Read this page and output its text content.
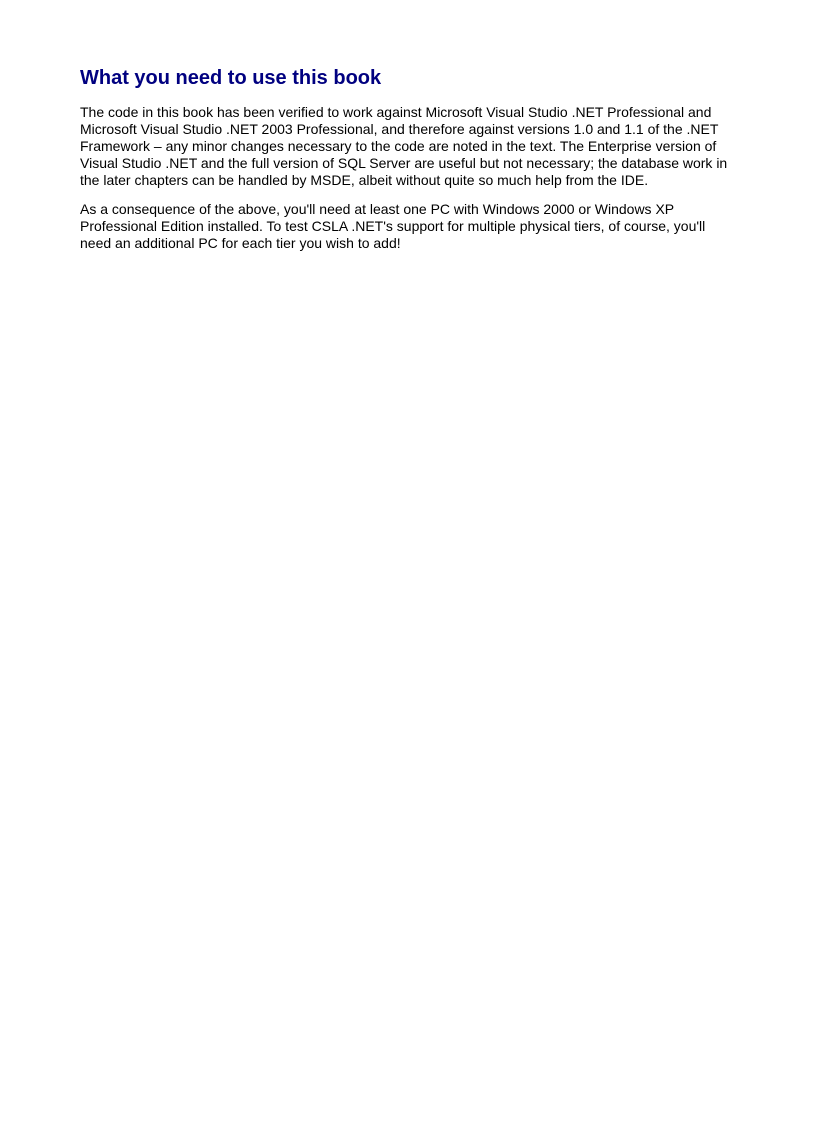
What you need to use this book

The code in this book has been verified to work against Microsoft Visual Studio .NET Professional and Microsoft Visual Studio .NET 2003 Professional, and therefore against versions 1.0 and 1.1 of the .NET Framework – any minor changes necessary to the code are noted in the text. The Enterprise version of Visual Studio .NET and the full version of SQL Server are useful but not necessary; the database work in the later chapters can be handled by MSDE, albeit without quite so much help from the IDE.

As a consequence of the above, you'll need at least one PC with Windows 2000 or Windows XP Professional Edition installed. To test CSLA .NET's support for multiple physical tiers, of course, you'll need an additional PC for each tier you wish to add!
